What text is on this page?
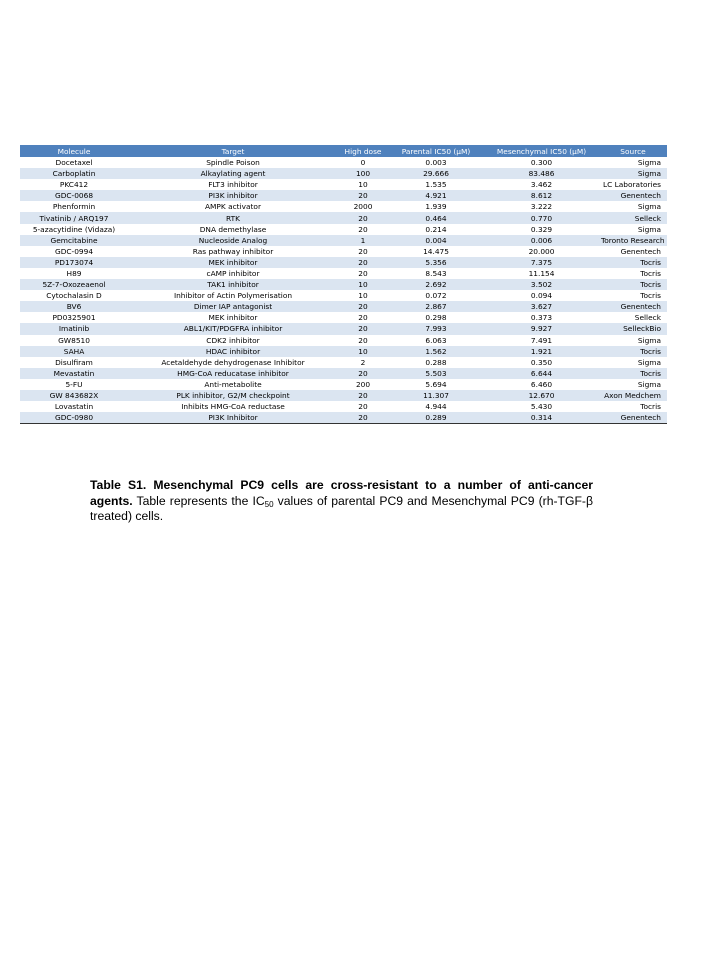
Molecule	Target	High dose	Parental IC50 (µM)	Mesenchymal IC50 (µM)	Source
Docetaxel	Spindle Poison	0	0.003	0.300	Sigma
Carboplatin	Alkaylating agent	100	29.666	83.486	Sigma
PKC412	FLT3 inhibitor	10	1.535	3.462	LC Laboratories
GDC-0068	PI3K inhibitor	20	4.921	8.612	Genentech
Phenformin	AMPK activator	2000	1.939	3.222	Sigma
Tivatinib / ARQ197	RTK	20	0.464	0.770	Selleck
5-azacytidine (Vidaza)	DNA demethylase	20	0.214	0.329	Sigma
Gemcitabine	Nucleoside Analog	1	0.004	0.006	Toronto Research
GDC-0994	Ras pathway inhibitor	20	14.475	20.000	Genentech
PD173074	MEK inhibitor	20	5.356	7.375	Tocris
H89	cAMP inhibitor	20	8.543	11.154	Tocris
5Z-7-Oxozeaenol	TAK1 inhibitor	10	2.692	3.502	Tocris
Cytochalasin D	Inhibitor of Actin Polymerisation	10	0.072	0.094	Tocris
BV6	Dimer IAP antagonist	20	2.867	3.627	Genentech
PD0325901	MEK inhibitor	20	0.298	0.373	Selleck
Imatinib	ABL1/KIT/PDGFRA inhibitor	20	7.993	9.927	SelleckBio
GW8510	CDK2 inhibitor	20	6.063	7.491	Sigma
SAHA	HDAC inhibitor	10	1.562	1.921	Tocris
Disulfiram	Acetaldehyde dehydrogenase Inhibitor	2	0.288	0.350	Sigma
Mevastatin	HMG-CoA reducatase inhibitor	20	5.503	6.644	Tocris
5-FU	Anti-metabolite	200	5.694	6.460	Sigma
GW 843682X	PLK inhibitor, G2/M checkpoint	20	11.307	12.670	Axon Medchem
Lovastatin	Inhibits HMG-CoA reductase	20	4.944	5.430	Tocris
GDC-0980	PI3K Inhibitor	20	0.289	0.314	Genentech

Table S1. Mesenchymal PC9 cells are cross-resistant to a number of anti-cancer agents. Table represents the $IC_{50}$ values of parental PC9 and Mesenchymal PC9 (rh-TGF-β treated) cells.
